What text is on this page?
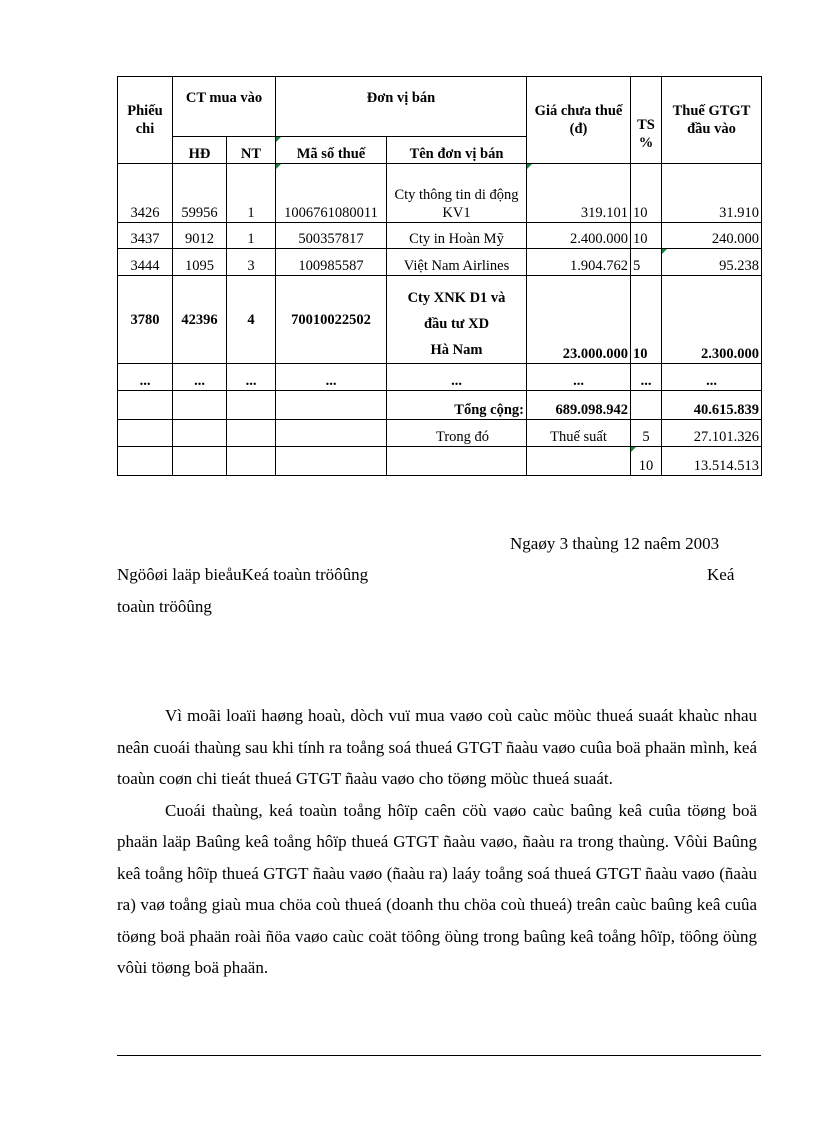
Phiếu chi	CT mua vào		Đơn vị bán		Giá chưa thuế (đ)	TS %	Thuế GTGT đầu vào
	HĐ	NT	Mã số thuế	Tên đơn vị bán			
3426	59956	1	1006761080011	Cty thông tin di động KV1	319.101	10	31.910
3437	9012	1	500357817	Cty in Hoàn Mỹ	2.400.000	10	240.000
3444	1095	3	100985587	Việt Nam Airlines	1.904.762	5	95.238
3780	42396	4	70010022502	Cty XNK D1 và
đầu tư XD
Hà Nam	23.000.000	10	2.300.000
...	...	...	...	...	...	...	...
				Tổng cộng:	689.098.942		40.615.839
				Trong đó	Thuế suất	5	27.101.326
						10	13.514.513
Ngaøy 3 thaùng 12 naêm 2003
Ngöôøi laäp bieåuKeá toaùn tröôûng	Keá
toaùn tröôûng

Vì moãi loaïi haøng hoaù, dòch vuï mua vaøo coù caùc möùc thueá suaát khaùc nhau neân cuoái thaùng sau khi tính ra toång soá thueá GTGT ñaàu vaøo cuûa boä phaän mình, keá toaùn coøn chi tieát thueá GTGT ñaàu vaøo cho töøng möùc thueá suaát.

Cuoái thaùng, keá toaùn toång hôïp caên cöù vaøo caùc baûng keâ cuûa töøng boä phaän laäp Baûng keâ toång hôïp thueá GTGT ñaàu vaøo, ñaàu ra trong thaùng. Vôùi Baûng keâ toång hôïp thueá GTGT ñaàu vaøo (ñaàu ra) laáy toång soá thueá GTGT ñaàu vaøo (ñaàu ra) vaø toång giaù mua chöa coù thueá (doanh thu chöa coù thueá) treân caùc baûng keâ cuûa töøng boä phaän roài ñöa vaøo caùc coät töông öùng trong baûng keâ toång hôïp, töông öùng vôùi töøng boä phaän.
